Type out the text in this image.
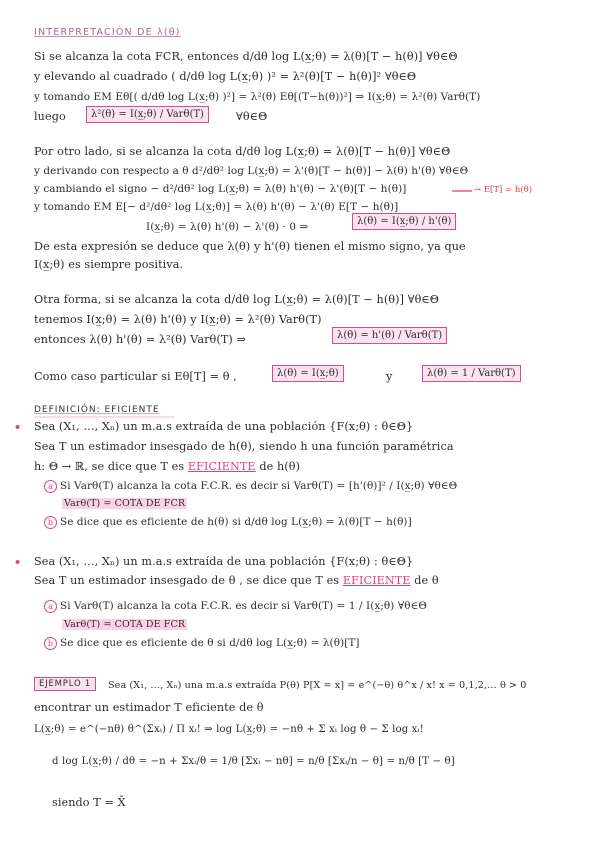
INTERPRETACIÓN DE λ(θ)
Si se alcanza la cota FCR, entonces d/dθ log L(x̲;θ) = λ(θ)[T − h(θ)] ∀θ∈Θ
y elevando al cuadrado ( d/dθ log L(x̲;θ) )² = λ²(θ)[T − h(θ)]² ∀θ∈Θ
y tomando EM Eθ[( d/dθ log L(x̲;θ) )²] = λ²(θ) Eθ[(T−h(θ))²] ⇒ I(x̲;θ) = λ²(θ) Varθ(T)
luego	λ²(θ) = I(x̲;θ) / Varθ(T)	∀θ∈Θ
Por otro lado, si se alcanza la cota d/dθ log L(x̲;θ) = λ(θ)[T − h(θ)] ∀θ∈Θ
y derivando con respecto a θ d²/dθ² log L(x̲;θ) = λ'(θ)[T − h(θ)] − λ(θ) h'(θ) ∀θ∈Θ
y cambiando el signo − d²/dθ² log L(x̲;θ) = λ(θ) h'(θ) − λ'(θ)[T − h(θ)]	→ E[T] = h(θ)
y tomando EM E[− d²/dθ² log L(x̲;θ)] = λ(θ) h'(θ) − λ'(θ) E[T − h(θ)]
I(x̲;θ) = λ(θ) h'(θ) − λ'(θ) · 0 ⇒	λ(θ) = I(x̲;θ) / h'(θ)
De esta expresión se deduce que λ(θ) y h'(θ) tienen el mismo signo, ya que
I(x̲;θ) es siempre positiva.
Otra forma, si se alcanza la cota d/dθ log L(x̲;θ) = λ(θ)[T − h(θ)] ∀θ∈Θ
tenemos I(x̲;θ) = λ(θ) h'(θ) y I(x̲;θ) = λ²(θ) Varθ(T)
entonces λ(θ) h'(θ) = λ²(θ) Varθ(T) ⇒	λ(θ) = h'(θ) / Varθ(T)
Como caso particular si Eθ[T] = θ ,	λ(θ) = I(x̲;θ)	y	λ(θ) = 1 / Varθ(T)
DEFINICIÓN: EFICIENTE
• Sea (X₁, …, Xₙ) un m.a.s extraída de una población {F(x;θ) : θ∈Θ}
Sea T un estimador insesgado de h(θ), siendo h una función paramétrica
h: Θ → ℝ, se dice que T es EFICIENTE de h(θ)
a Si Varθ(T) alcanza la cota F.C.R. es decir si Varθ(T) = [h'(θ)]² / I(x̲;θ) ∀θ∈Θ
Varθ(T) = COTA DE FCR
b Se dice que es eficiente de h(θ) si d/dθ log L(x̲;θ) = λ(θ)[T − h(θ)]
• Sea (X₁, …, Xₙ) un m.a.s extraída de una población {F(x;θ) : θ∈Θ}
Sea T un estimador insesgado de θ , se dice que T es EFICIENTE de θ
a Si Varθ(T) alcanza la cota F.C.R. es decir si Varθ(T) = 1 / I(x̲;θ) ∀θ∈Θ
Varθ(T) = COTA DE FCR
b Se dice que es eficiente de θ si d/dθ log L(x̲;θ) = λ(θ)[T]
EJEMPLO 1	Sea (X₁, …, Xₙ) una m.a.s extraída P(θ) P[X = x] = e^(−θ) θ^x / x! x = 0,1,2,… θ > 0
encontrar un estimador T eficiente de θ
L(x̲;θ) = e^(−nθ) θ^(Σxᵢ) / Π xᵢ! ⇒ log L(x̲;θ) = −nθ + Σ xᵢ log θ − Σ log xᵢ!
d log L(x̲;θ) / dθ = −n + Σxᵢ/θ = 1/θ [Σxᵢ − nθ] = n/θ [Σxᵢ/n − θ] = n/θ [T − θ]
siendo T = X̄
